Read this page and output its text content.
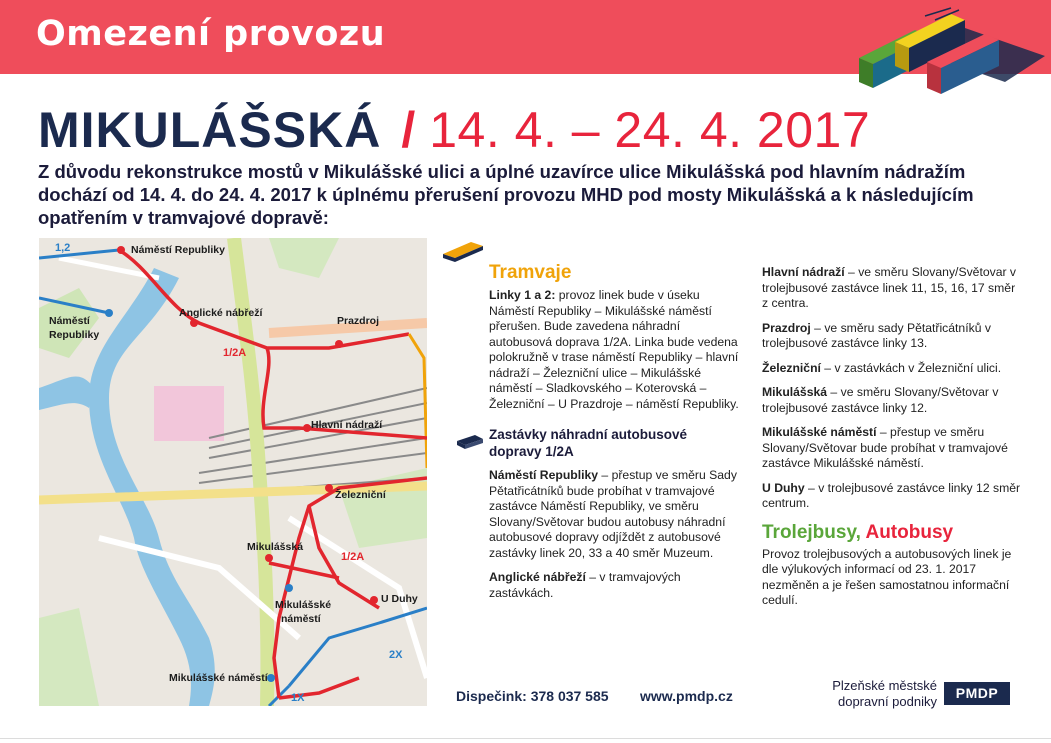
Omezení provozu
MIKULÁŠSKÁ / 14. 4. – 24. 4. 2017
Z důvodu rekonstrukce mostů v Mikulášské ulici a úplné uzavírce ulice Mikulášská pod hlavním nádražím dochází od 14. 4. do 24. 4. 2017 k úplnému přerušení provozu MHD pod mosty Mikulášská a k následujícím opatřením v tramvajové dopravě:
Náměstí Republiky
1,2
Náměstí
Republiky
Anglické nábřeží
Prazdroj
1/2A
Hlavní nádraží
Železniční
Mikulášská
1/2A
U Duhy
Mikulášské
náměstí
Mikulášské náměstí
2X
1X
Tramvaje

Linky 1 a 2: provoz linek bude v úseku Náměstí Republiky – Mikulášské náměstí přerušen. Bude zavedena náhradní autobusová doprava 1/2A. Linka bude vedena polokružně v trase náměstí Republiky – hlavní nádraží – Železniční ulice – Mikulášské náměstí – Sladkovského – Koterovská – Železniční – U Prazdroje – náměstí Republiky.

Zastávky náhradní autobusové dopravy 1/2A

Náměstí Republiky – přestup ve směru Sady Pětatřicátníků bude probíhat v tramvajové zastávce Náměstí Republiky, ve směru Slovany/Světovar budou autobusy náhradní autobusové dopravy odjíždět z autobusové zastávky linek 20, 33 a 40 směr Muzeum.

Anglické nábřeží – v tramvajových zastávkách.

Hlavní nádraží – ve směru Slovany/Světovar v trolejbusové zastávce linek 11, 15, 16, 17 směr z centra.

Prazdroj – ve směru sady Pětatřicátníků v trolejbusové zastávce linky 13.

Železniční – v zastávkách v Železniční ulici.

Mikulášská – ve směru Slovany/Světovar v trolejbusové zastávce linky 12.

Mikulášské náměstí – přestup ve směru Slovany/Světovar bude probíhat v tramvajové zastávce Mikulášské náměstí.

U Duhy – v trolejbusové zastávce linky 12 směr centrum.

Trolejbusy, Autobusy

Provoz trolejbusových a autobusových linek je dle výlukových informací od 23. 1. 2017 nezměněn a je řešen samostatnou informační cedulí.

Dispečink: 378 037 585 www.pmdp.cz
Plzeňské městské
dopravní podniky
PMDP
